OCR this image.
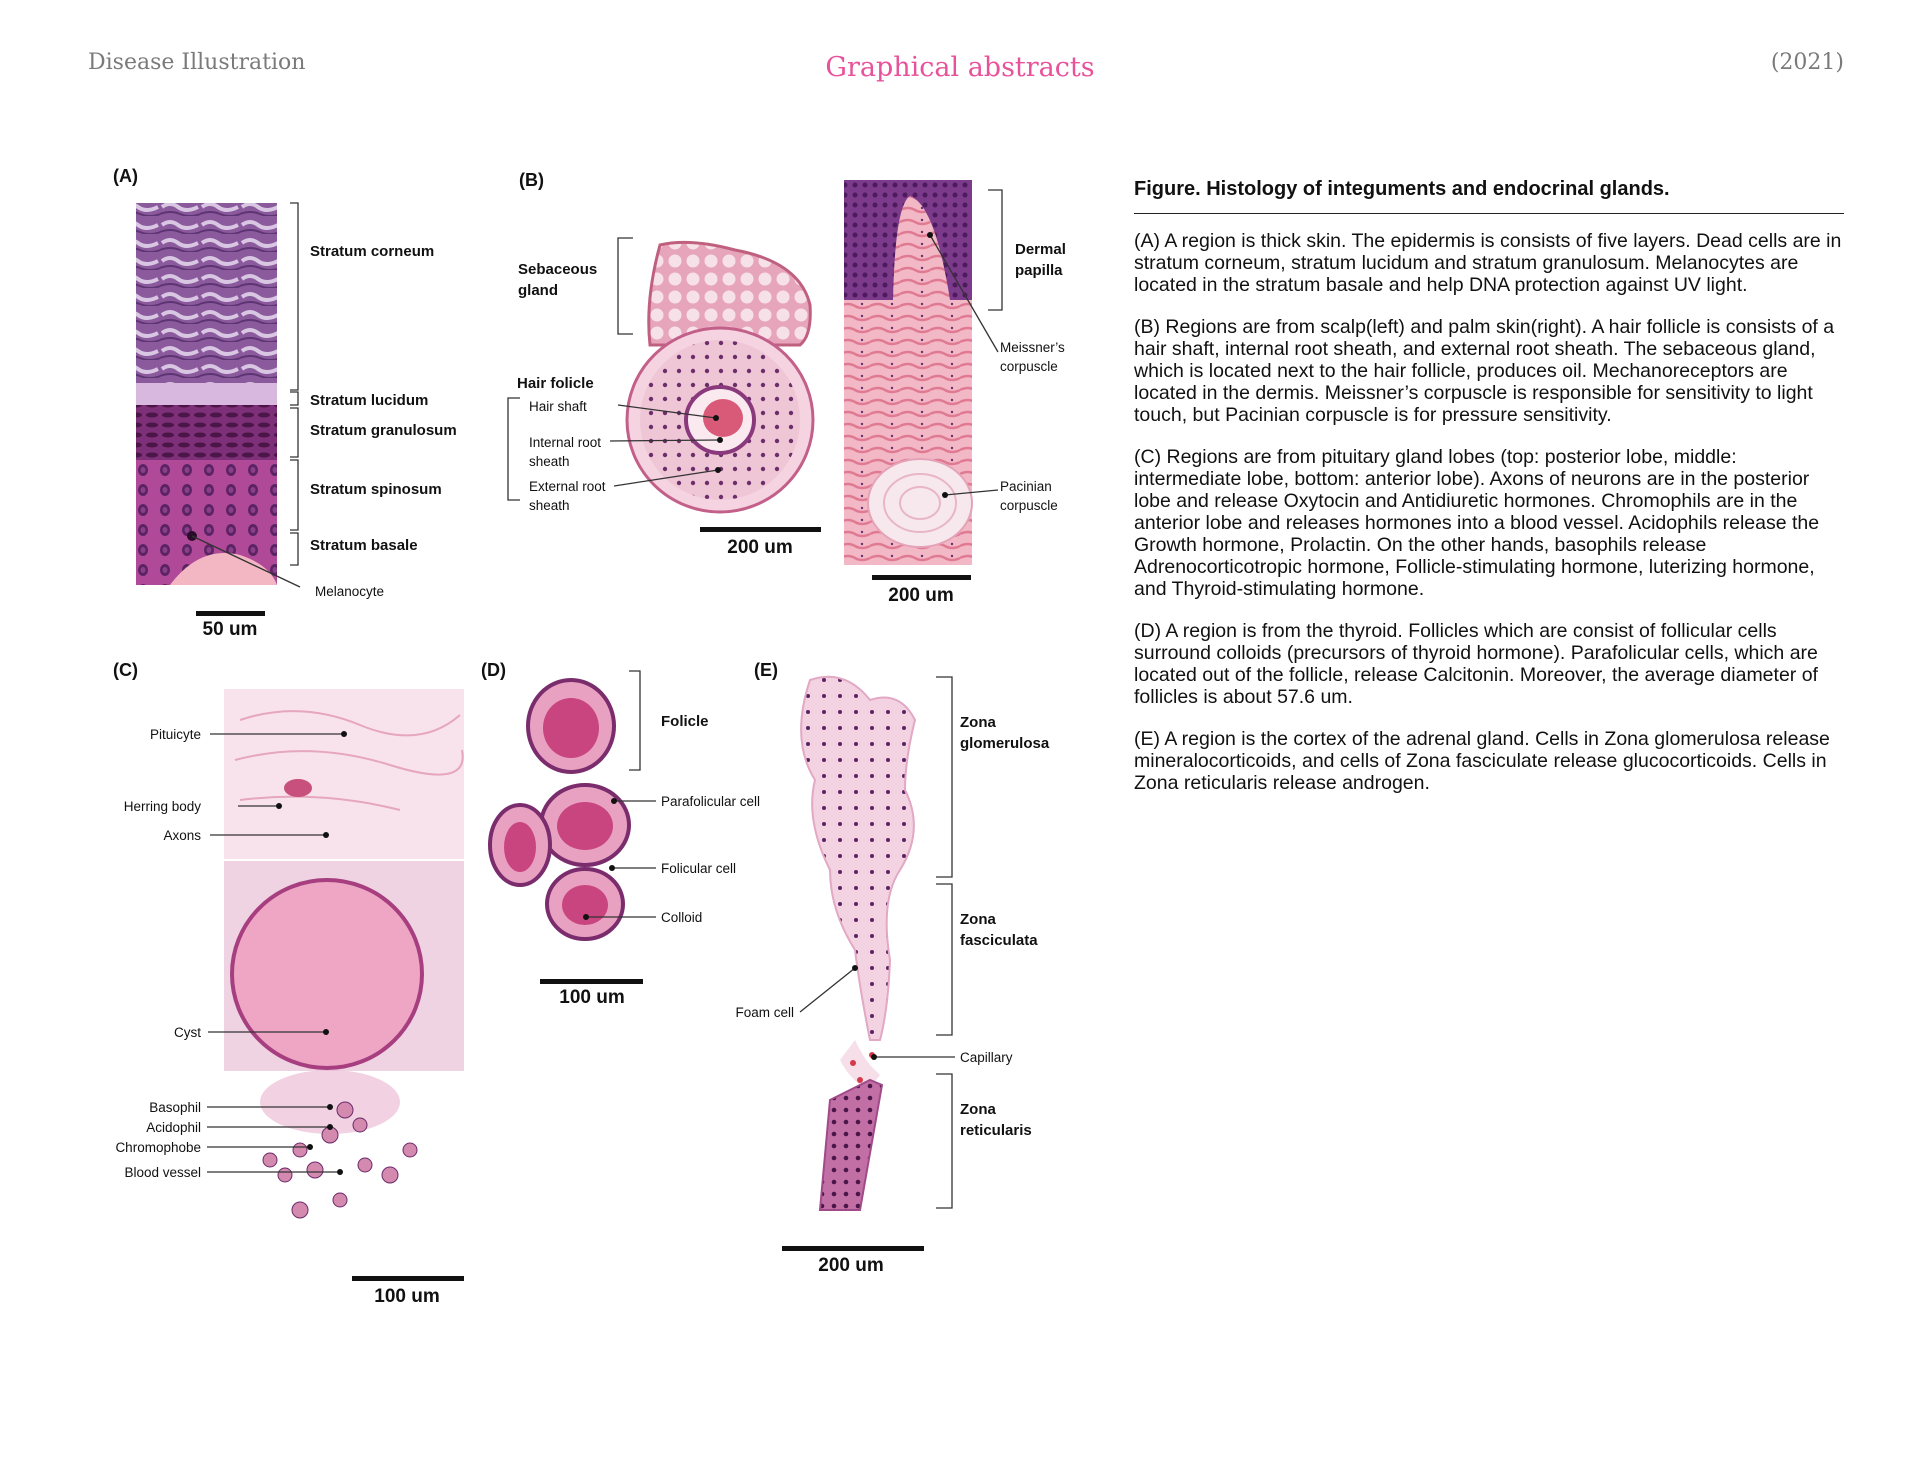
Disease Illustration	Graphical abstracts	(2021)
(A)
Stratum corneum
Stratum lucidum
Stratum granulosum
Stratum spinosum
Stratum basale
Melanocyte
50 um
(B)
Sebaceous
gland
Hair folicle
Hair shaft
Internal root
sheath
External root
sheath
200 um
Dermal
papilla
Meissner’s
corpuscle
Pacinian
corpuscle
200 um
(C)
Pituicyte
Herring body
Axons
Cyst
Basophil
Acidophil
Chromophobe
Blood vessel
100 um
(D)
Folicle
Parafolicular cell
Folicular cell
Colloid
100 um
(E)
Zona
glomerulosa
Zona
fasciculata
Zona
reticularis
Foam cell
Capillary
200 um
Figure. Histology of integuments and endocrinal glands.

(A) A region is thick skin. The epidermis is consists of five layers. Dead cells are in stratum corneum, stratum lucidum and stratum granulosum. Melanocytes are located in the stratum basale and help DNA protection against UV light.

(B) Regions are from scalp(left) and palm skin(right). A hair follicle is consists of a hair shaft, internal root sheath, and external root sheath. The sebaceous gland, which is located next to the hair follicle, produces oil. Mechanoreceptors are located in the dermis. Meissner’s corpuscle is responsible for sensitivity to light touch, but Pacinian corpuscle is for pressure sensitivity.

(C) Regions are from pituitary gland lobes (top: posterior lobe, middle: intermediate lobe, bottom: anterior lobe). Axons of neurons are in the posterior lobe and release Oxytocin and Antidiuretic hormones. Chromophils are in the anterior lobe and releases hormones into a blood vessel. Acidophils release the Growth hormone, Prolactin. On the other hands, basophils release Adrenocorticotropic hormone, Follicle-stimulating hormone, luterizing hormone, and Thyroid-stimulating hormone.

(D) A region is from the thyroid. Follicles which are consist of follicular cells surround colloids (precursors of thyroid hormone). Parafolicular cells, which are located out of the follicle, release Calcitonin. Moreover, the average diameter of follicles is about 57.6 um.

(E) A region is the cortex of the adrenal gland. Cells in Zona glomerulosa release mineralocorticoids, and cells of Zona fasciculate release glucocorticoids. Cells in Zona reticularis release androgen.
